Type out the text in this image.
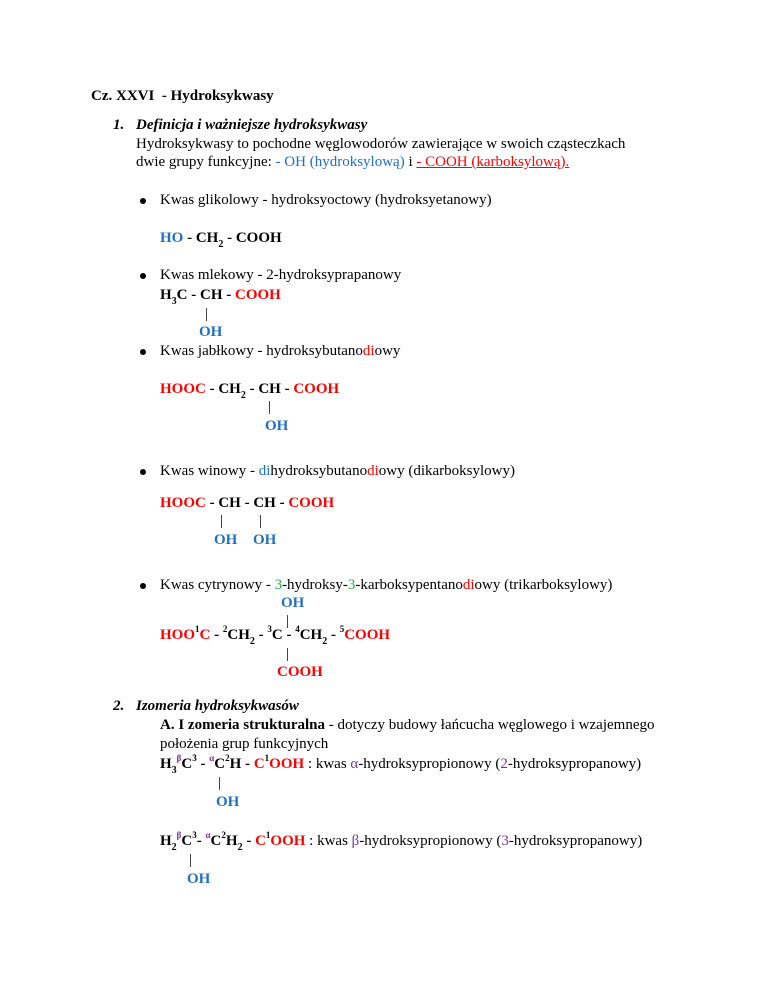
Cz. XXVI  - Hydroksykwasy
1. Definicja i ważniejsze hydroksykwasy
Hydroksykwasy to pochodne węglowodorów zawierające w swoich cząsteczkach
dwie grupy funkcyjne: - OH (hydroksylową) i - COOH (karboksylową).
Kwas glikolowy - hydroksyoctowy (hydroksyetanowy)
HO - $CH_2$ - COOH
Kwas mlekowy - 2-hydroksyprapanowy
$H_3C$ - CH - COOH
|
OH
Kwas jabłkowy - hydroksybutanodiowy
HOOC - $CH_2$ - CH - COOH
|
OH
Kwas winowy - dihydroksybutanodiowy (dikarboksylowy)
HOOC - CH - CH - COOH
| |
OH OH
Kwas cytrynowy - 3-hydroksy-3-karboksypentanodiowy (trikarboksylowy)
OH
|
$HOO^1C - ^2CH_2 - ^3C - ^4CH_2$ - $^5$COOH
|
COOH
2. Izomeria hydroksykwasów
A. I zomeria strukturalna - dotyczy budowy łańcucha węglowego i wzajemnego
położenia grup funkcyjnych
$H_3^\beta C^3 - ^\alpha C^2H - C^1OOH$ : kwas α-hydroksypropionowy (2-hydroksypropanowy)
|
OH
$H_2^\beta C^3-$ $^\alpha C^2H_2 - C^1OOH$ : kwas β-hydroksypropionowy (3-hydroksypropanowy)
|
OH
